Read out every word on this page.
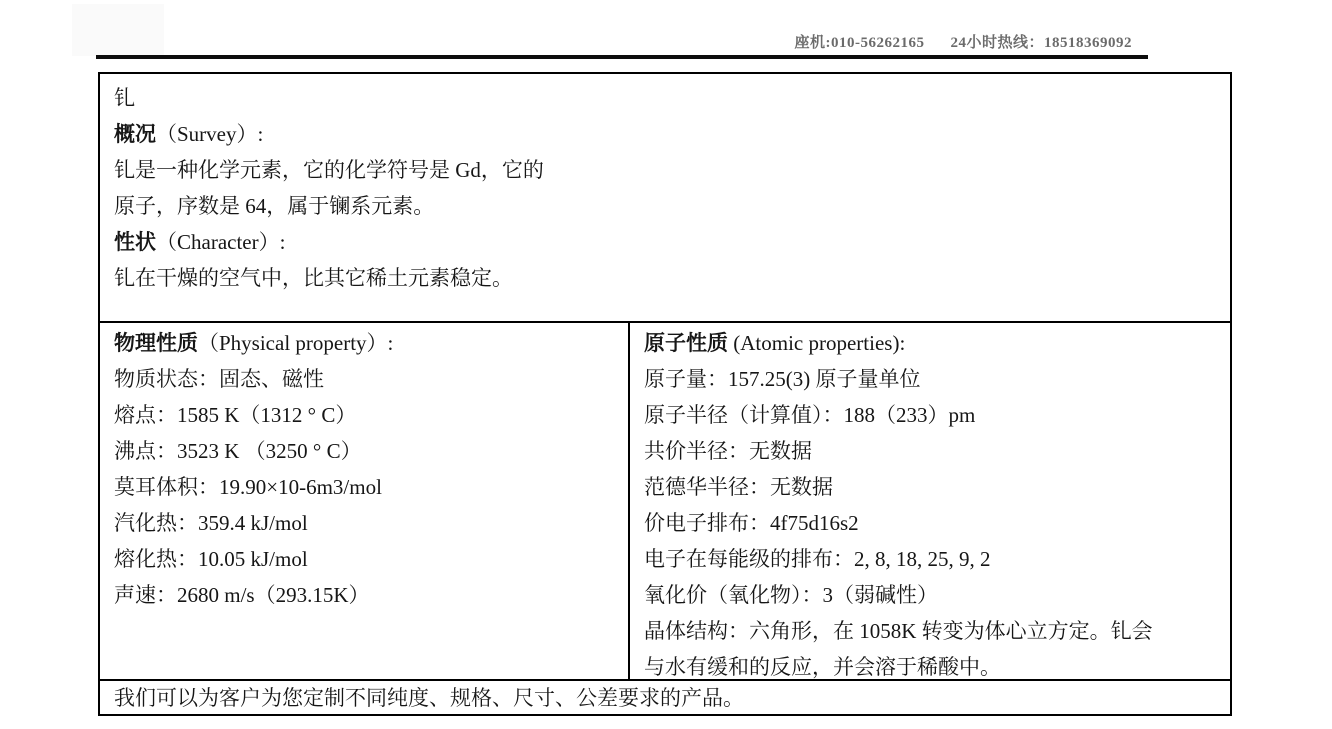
座机:010-56262165 24小时热线：18518369092
钆
概况（Survey）:
钆是一种化学元素，它的化学符号是 Gd，它的
原子，序数是 64，属于镧系元素。
性状（Character）:
钆在干燥的空气中，比其它稀土元素稳定。
物理性质（Physical property）:
物质状态：固态、磁性
熔点：1585 K（1312 ° C）
沸点：3523 K （3250 ° C）
莫耳体积：19.90×10-6m3/mol
汽化热：359.4 kJ/mol
熔化热：10.05 kJ/mol
声速：2680 m/s（293.15K）
原子性质 (Atomic properties):
原子量：157.25(3) 原子量单位
原子半径（计算值）：188（233）pm
共价半径：无数据
范德华半径：无数据
价电子排布：4f75d16s2
电子在每能级的排布：2, 8, 18, 25, 9, 2
氧化价（氧化物）：3（弱碱性）
晶体结构：六角形，在 1058K 转变为体心立方定。钆会
与水有缓和的反应，并会溶于稀酸中。
我们可以为客户为您定制不同纯度、规格、尺寸、公差要求的产品。
